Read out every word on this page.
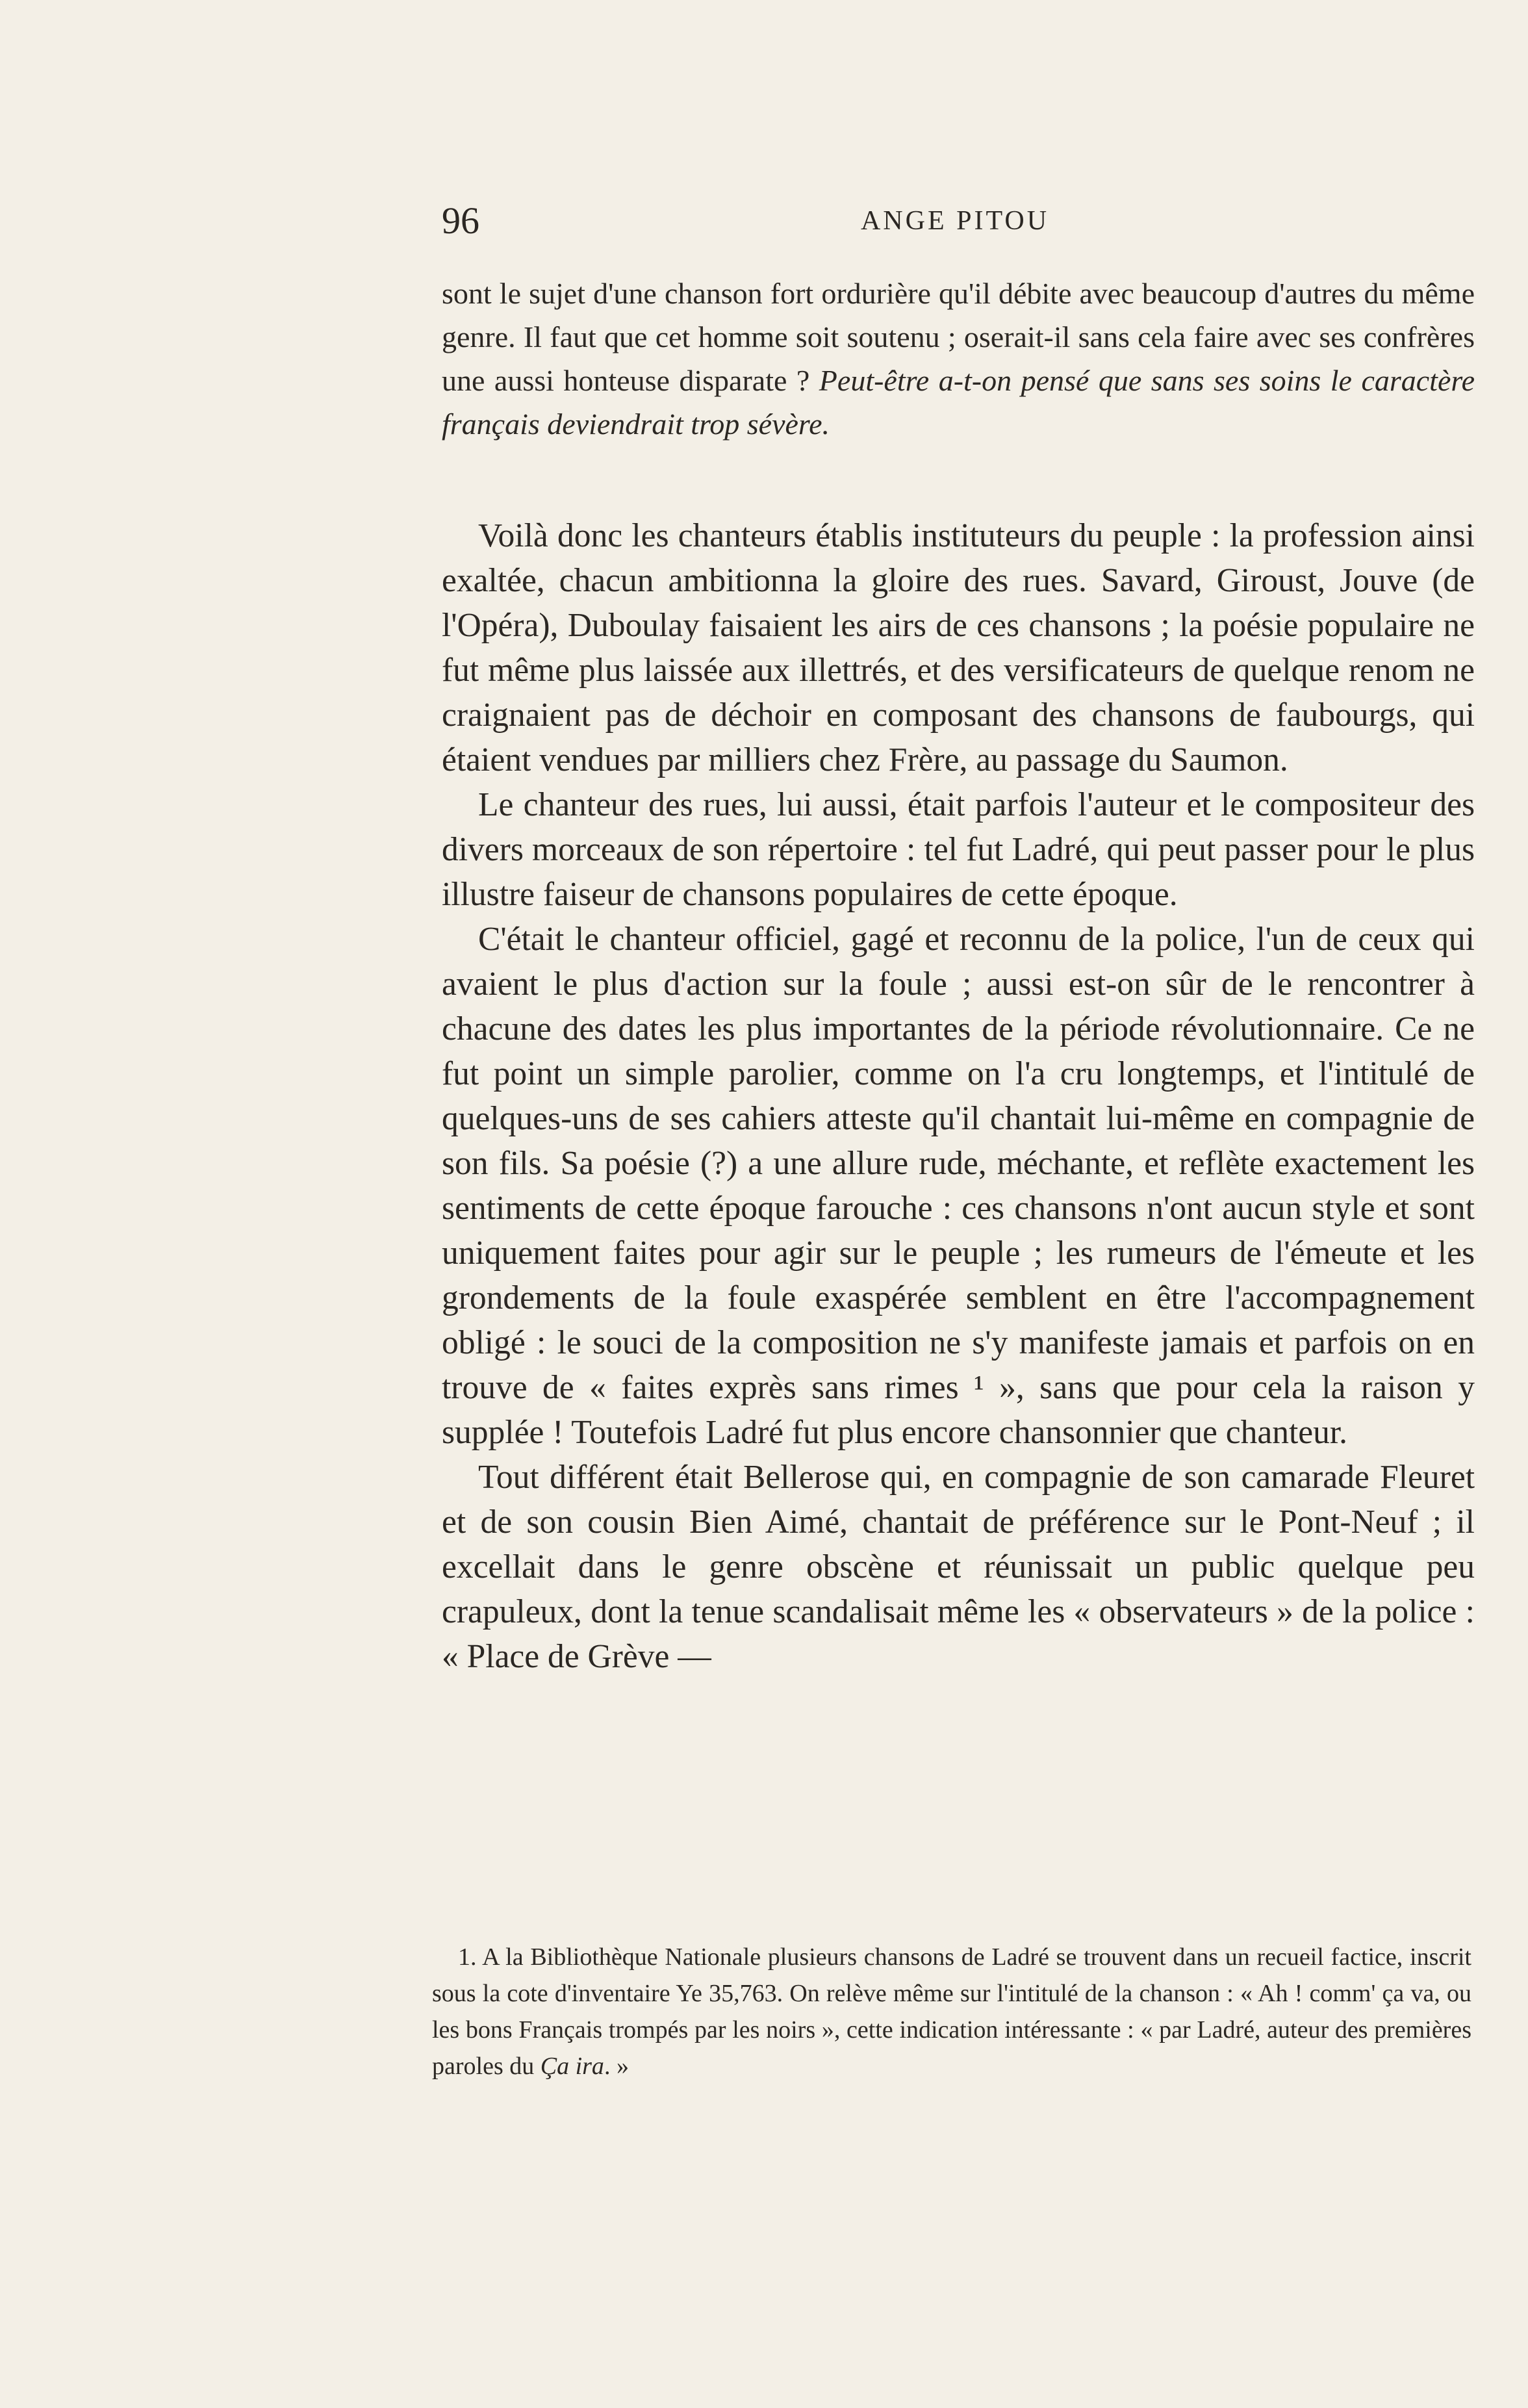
96	ANGE PITOU

sont le sujet d'une chanson fort ordurière qu'il débite avec beaucoup d'autres du même genre. Il faut que cet homme soit soutenu ; oserait-il sans cela faire avec ses confrères une aussi honteuse disparate ? Peut-être a-t-on pensé que sans ses soins le caractère français deviendrait trop sévère.

Voilà donc les chanteurs établis instituteurs du peuple : la profession ainsi exaltée, chacun ambitionna la gloire des rues. Savard, Giroust, Jouve (de l'Opéra), Duboulay faisaient les airs de ces chansons ; la poésie populaire ne fut même plus laissée aux illettrés, et des versificateurs de quelque renom ne craignaient pas de déchoir en composant des chansons de faubourgs, qui étaient vendues par milliers chez Frère, au passage du Saumon.

Le chanteur des rues, lui aussi, était parfois l'auteur et le compositeur des divers morceaux de son répertoire : tel fut Ladré, qui peut passer pour le plus illustre faiseur de chansons populaires de cette époque.

C'était le chanteur officiel, gagé et reconnu de la police, l'un de ceux qui avaient le plus d'action sur la foule ; aussi est-on sûr de le rencontrer à chacune des dates les plus importantes de la période révolutionnaire. Ce ne fut point un simple parolier, comme on l'a cru longtemps, et l'intitulé de quelques-uns de ses cahiers atteste qu'il chantait lui-même en compagnie de son fils. Sa poésie (?) a une allure rude, méchante, et reflète exactement les sentiments de cette époque farouche : ces chansons n'ont aucun style et sont uniquement faites pour agir sur le peuple ; les rumeurs de l'émeute et les grondements de la foule exaspérée semblent en être l'accompagnement obligé : le souci de la composition ne s'y manifeste jamais et parfois on en trouve de « faites exprès sans rimes ¹ », sans que pour cela la raison y supplée ! Toutefois Ladré fut plus encore chansonnier que chanteur.

Tout différent était Bellerose qui, en compagnie de son camarade Fleuret et de son cousin Bien Aimé, chantait de préférence sur le Pont-Neuf ; il excellait dans le genre obscène et réunissait un public quelque peu crapuleux, dont la tenue scandalisait même les « observateurs » de la police : « Place de Grève —

1. A la Bibliothèque Nationale plusieurs chansons de Ladré se trouvent dans un recueil factice, inscrit sous la cote d'inventaire Ye 35,763. On relève même sur l'intitulé de la chanson : « Ah ! comm' ça va, ou les bons Français trompés par les noirs », cette indication intéressante : « par Ladré, auteur des premières paroles du Ça ira. »
